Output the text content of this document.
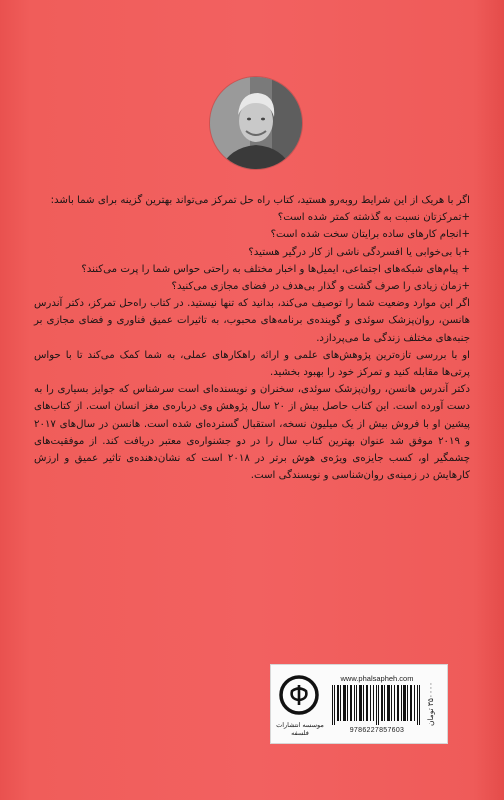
اگر با هریک از این شرایط روبه‌رو هستید، کتاب راه حل تمرکز می‌تواند بهترین گزینه برای شما باشد:

+تمرکزتان نسبت به گذشته کمتر شده است؟

+انجام کارهای ساده برایتان سخت شده است؟

+با بی‌خوابی یا افسردگی ناشی از کار درگیر هستید؟

+ پیام‌های شبکه‌های اجتماعی، ایمیل‌ها و اخبار مختلف به راحتی حواس شما را پرت می‌کنند؟

+زمان زیادی را صرف گشت و گذار بی‌هدف در فضای مجازی می‌کنید؟

اگر این موارد وضعیت شما را توصیف می‌کند، بدانید که تنها نیستید. در کتاب راه‌حل تمرکز، دکتر آندرس هانسن، روان‌پزشک سوئدی و گوینده‌ی برنامه‌های محبوب، به تاثیرات عمیق فناوری و فضای مجازی بر جنبه‌های مختلف زندگی ما می‌پردازد.

او با بررسی تازه‌ترین پژوهش‌های علمی و ارائه راهکارهای عملی، به شما کمک می‌کند تا با حواس پرتی‌ها مقابله کنید و تمرکز خود را بهبود بخشید.

دکتر آندرس هانسن، روان‌پزشک سوئدی، سخنران و نویسنده‌ای است سرشناس که جوایز بسیاری را به دست آورده است. این کتاب حاصل بیش از ۲۰ سال پژوهش وی درباره‌ی مغز انسان است. از کتاب‌های پیشین او با فروش بیش از یک میلیون نسخه، استقبال گسترده‌ای شده است. هانسن در سال‌های ۲۰۱۷ و ۲۰۱۹ موفق شد عنوان بهترین کتاب سال را در دو جشنواره‌ی معتبر دریافت کند. از موفقیت‌های چشمگیر او، کسب جایزه‌ی ویژه‌ی هوش برتر در ۲۰۱۸ است که نشان‌دهنده‌ی تاثیر عمیق و ارزش کارهایش در زمینه‌ی روان‌شناسی و نویسندگی است.

موسسه انتشارات فلسفه
www.phalsapheh.com
9786227857603
۳۵۰۰۰۰ تومان
